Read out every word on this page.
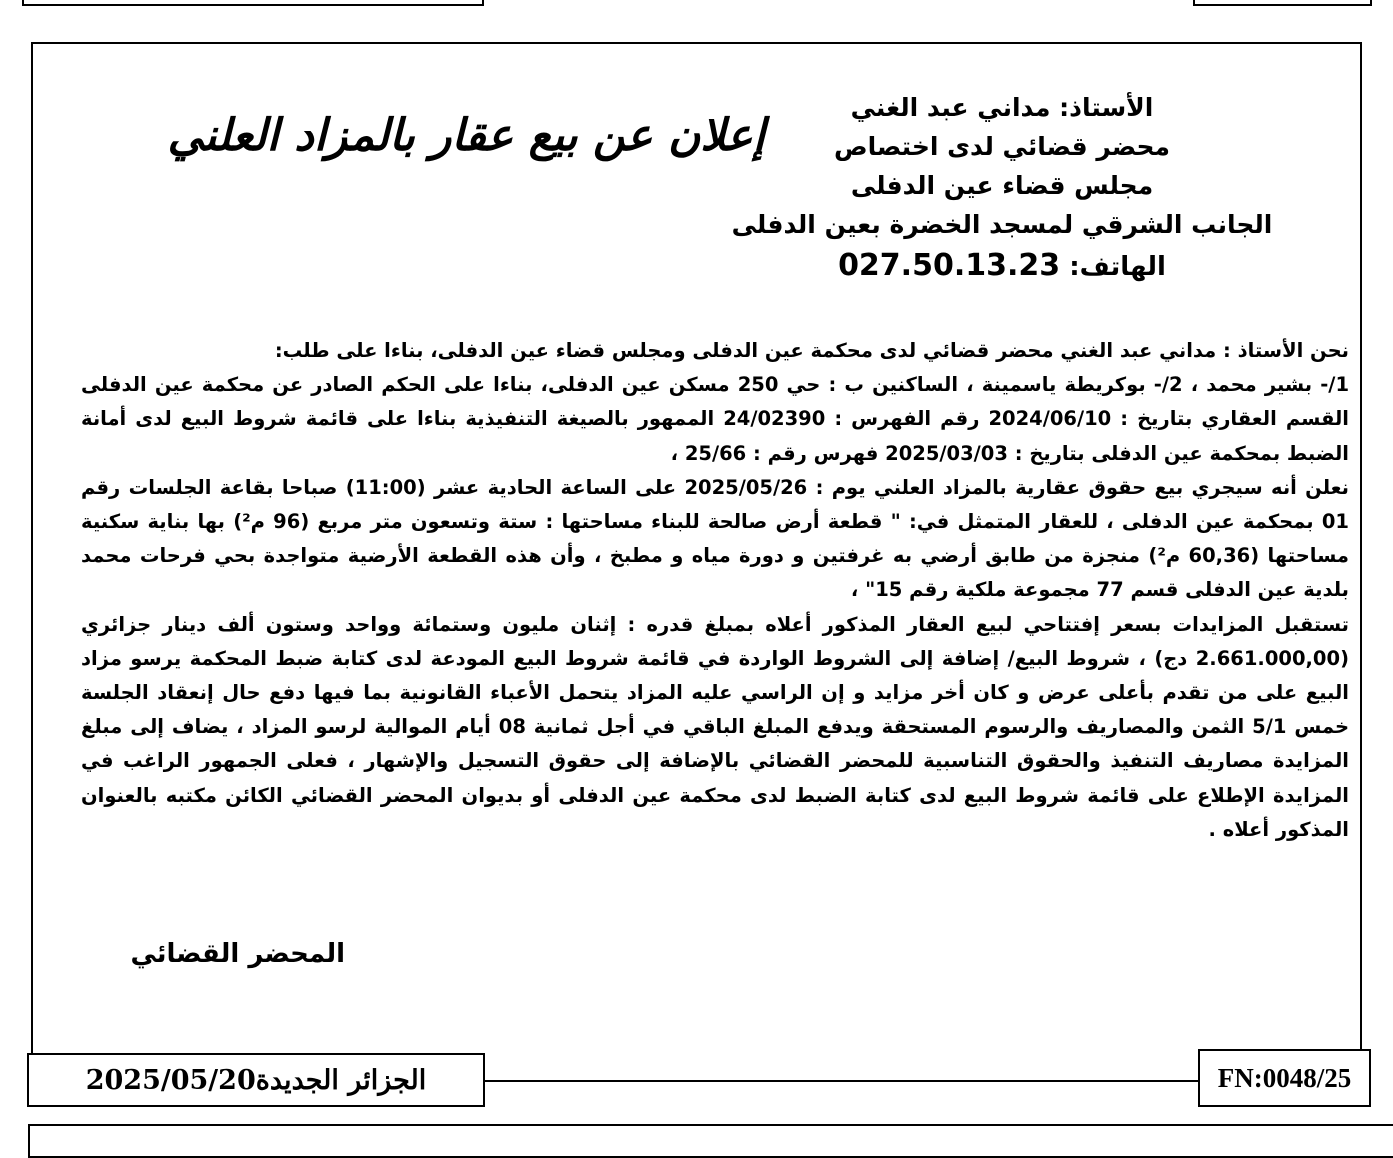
الأستاذ: مداني عبد الغني
محضر قضائي لدى اختصاص
مجلس قضاء عين الدفلى
الجانب الشرقي لمسجد الخضرة بعين الدفلى
الهاتف: 027.50.13.23
إعلان عن بيع عقار بالمزاد العلني
نحن الأستاذ : مداني عبد الغني محضر قضائي لدى محكمة عين الدفلى ومجلس قضاء عين الدفلى، بناءا على طلب:
1/- بشير محمد ، 2/- بوكريطة ياسمينة ، الساكنين ب : حي 250 مسكن عين الدفلى، بناءا على الحكم الصادر عن محكمة عين الدفلى القسم العقاري بتاريخ : 2024/06/10 رقم الفهرس : 24/02390 الممهور بالصيغة التنفيذية بناءا على قائمة شروط البيع لدى أمانة الضبط بمحكمة عين الدفلى بتاريخ : 2025/03/03 فهرس رقم : 25/66 ،
نعلن أنه سيجري بيع حقوق عقارية بالمزاد العلني يوم : 2025/05/26 على الساعة الحادية عشر (11:00) صباحا بقاعة الجلسات رقم 01 بمحكمة عين الدفلى ، للعقار المتمثل في: " قطعة أرض صالحة للبناء مساحتها : ستة وتسعون متر مربع (96 م²) بها بناية سكنية مساحتها (60,36 م²) منجزة من طابق أرضي به غرفتين و دورة مياه و مطبخ ، وأن هذه القطعة الأرضية متواجدة بحي فرحات محمد بلدية عين الدفلى قسم 77 مجموعة ملكية رقم 15" ،
تستقبل المزايدات بسعر إفتتاحي لبيع العقار المذكور أعلاه بمبلغ قدره : إثنان مليون وستمائة وواحد وستون ألف دينار جزائري (2.661.000,00 دج) ، شروط البيع/ إضافة إلى الشروط الواردة في قائمة شروط البيع المودعة لدى كتابة ضبط المحكمة يرسو مزاد البيع على من تقدم بأعلى عرض و كان أخر مزايد و إن الراسي عليه المزاد يتحمل الأعباء القانونية بما فيها دفع حال إنعقاد الجلسة خمس 5/1 الثمن والمصاريف والرسوم المستحقة ويدفع المبلغ الباقي في أجل ثمانية 08 أيام الموالية لرسو المزاد ، يضاف إلى مبلغ المزايدة مصاريف التنفيذ والحقوق التناسبية للمحضر القضائي بالإضافة إلى حقوق التسجيل والإشهار ، فعلى الجمهور الراغب في المزايدة الإطلاع على قائمة شروط البيع لدى كتابة الضبط لدى محكمة عين الدفلى أو بديوان المحضر القضائي الكائن مكتبه بالعنوان المذكور أعلاه .
المحضر القضائي
2025/05/20 الجزائر الجديدة	FN:0048/25
